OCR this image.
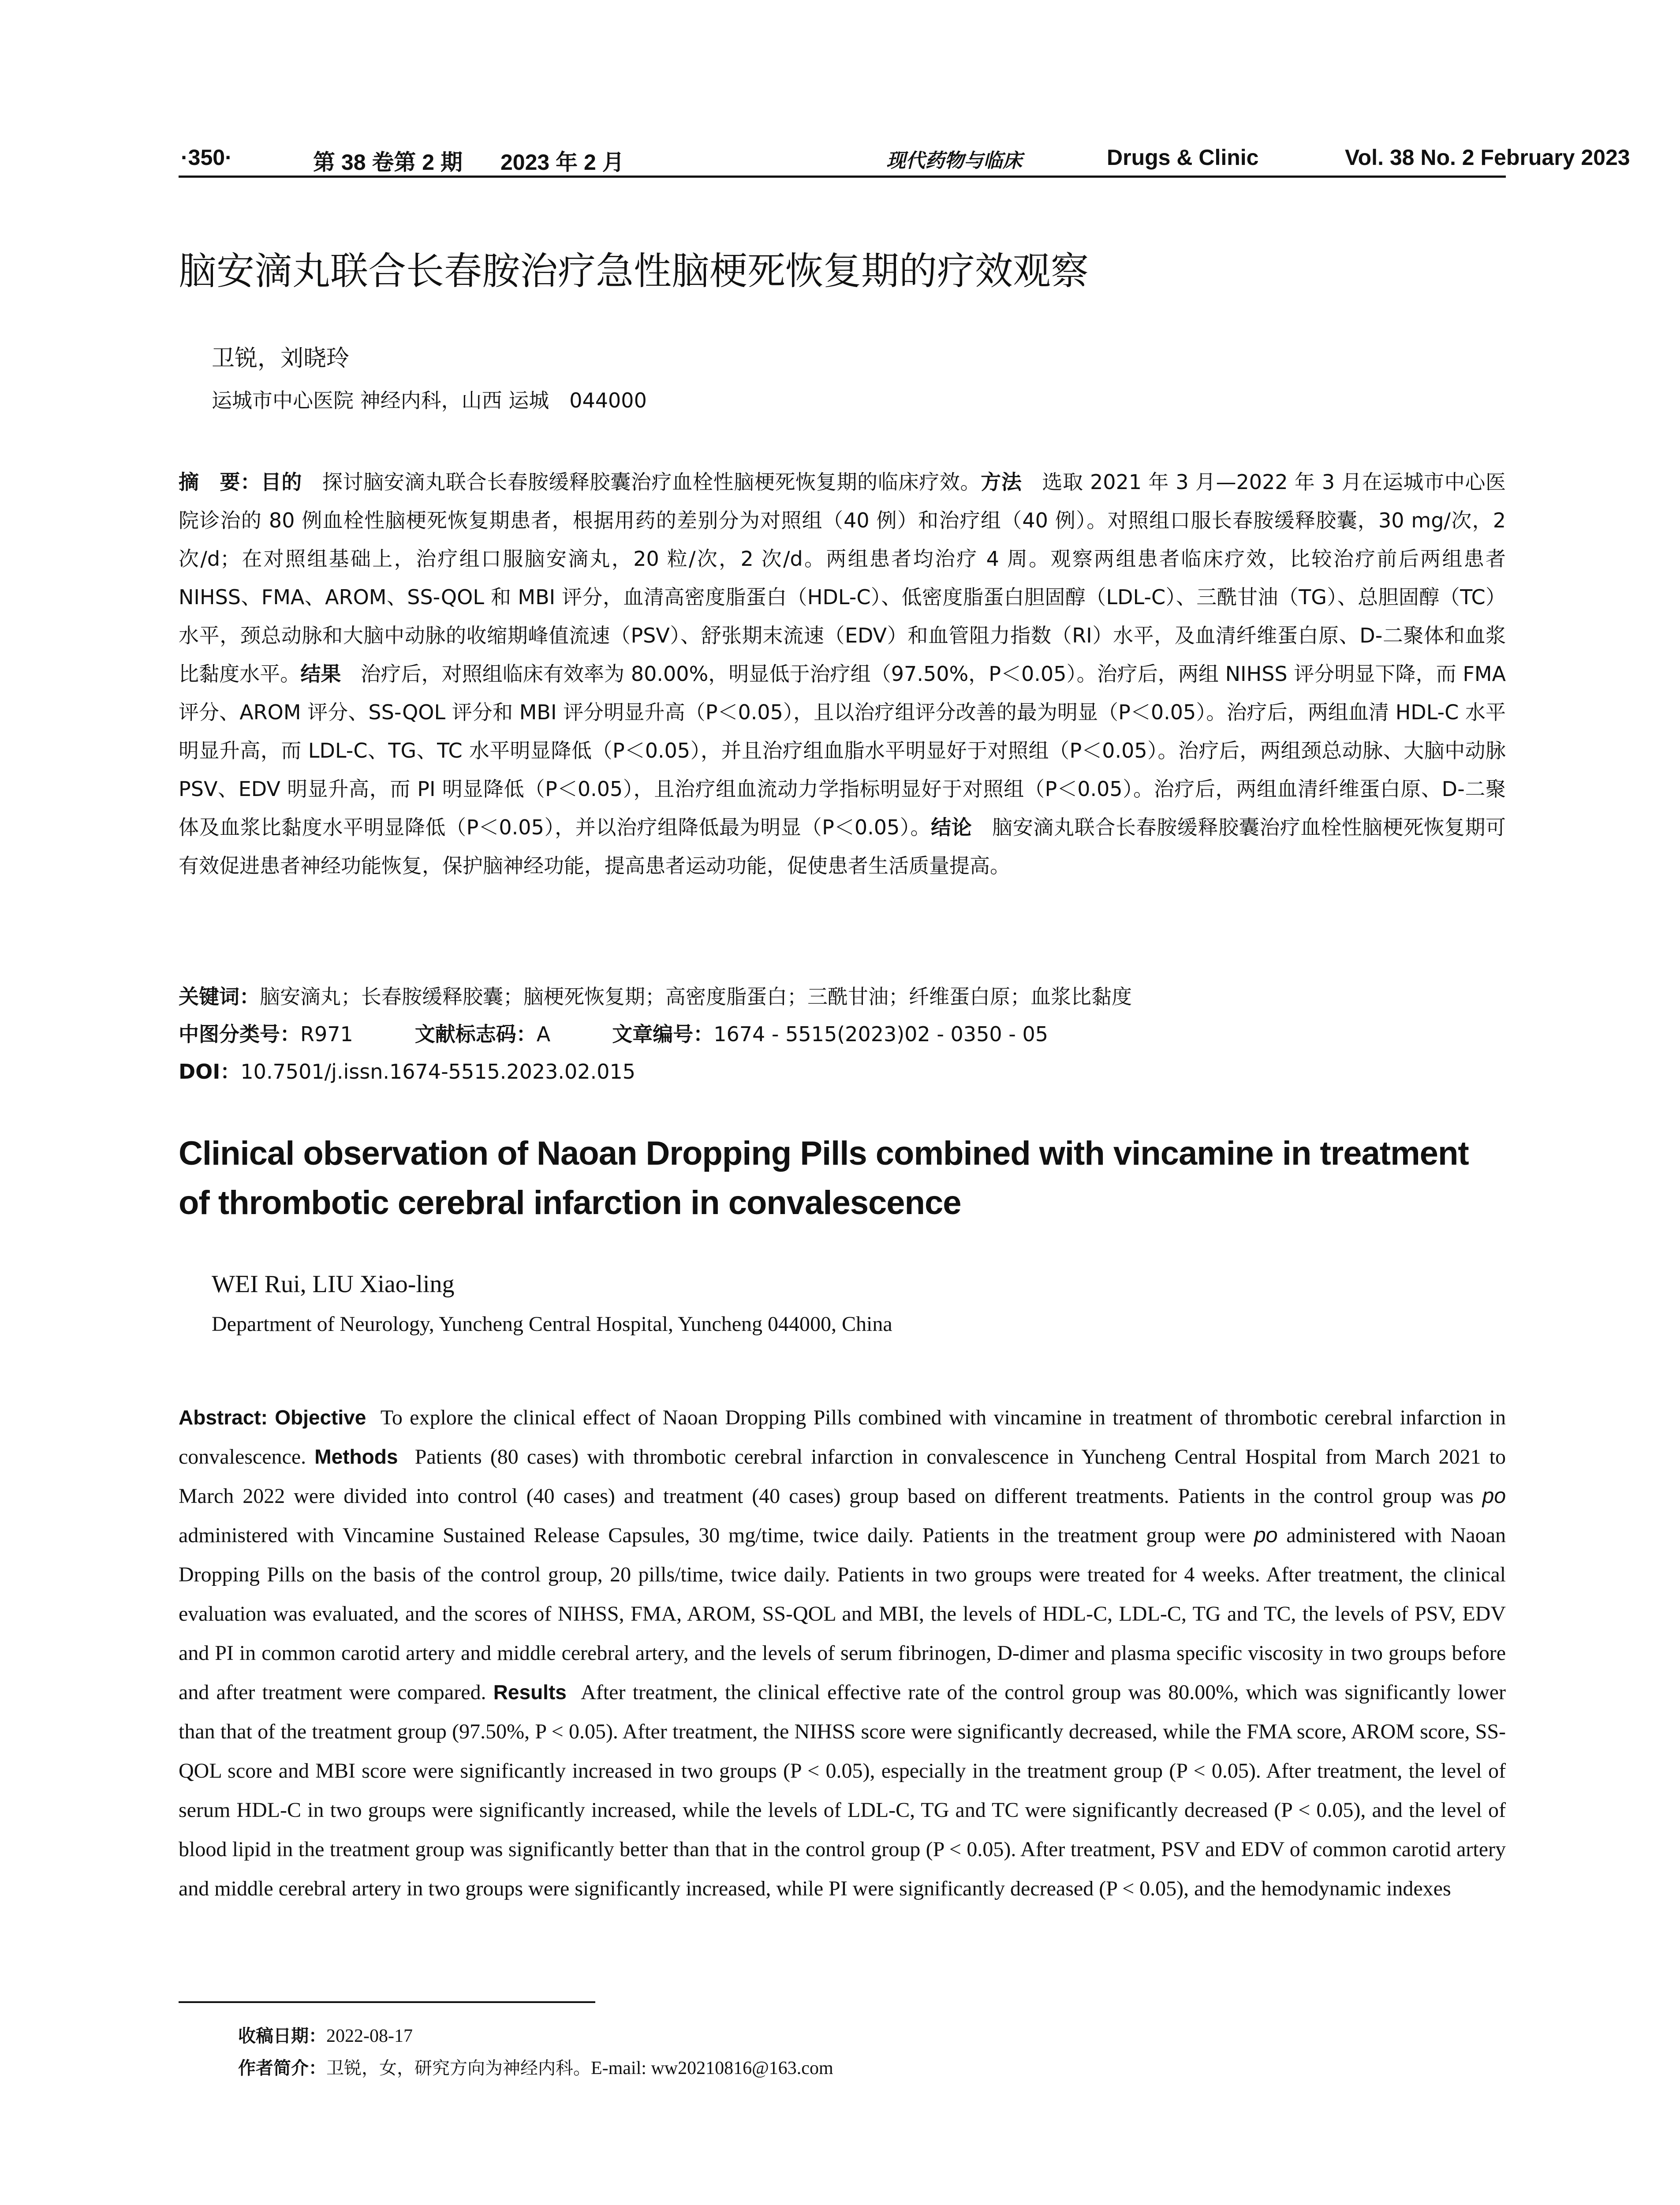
·350·	第 38 卷第 2 期 2023 年 2 月	现代药物与临床	Drugs & Clinic	Vol. 38 No. 2 February 2023
脑安滴丸联合长春胺治疗急性脑梗死恢复期的疗效观察
卫锐，刘晓玲
运城市中心医院 神经内科，山西 运城　044000
摘　要：目的 探讨脑安滴丸联合长春胺缓释胶囊治疗血栓性脑梗死恢复期的临床疗效。方法 选取 2021 年 3 月—2022 年 3 月在运城市中心医院诊治的 80 例血栓性脑梗死恢复期患者，根据用药的差别分为对照组（40 例）和治疗组（40 例）。对照组口服长春胺缓释胶囊，30 mg/次，2 次/d；在对照组基础上，治疗组口服脑安滴丸，20 粒/次，2 次/d。两组患者均治疗 4 周。观察两组患者临床疗效，比较治疗前后两组患者 NIHSS、FMA、AROM、SS-QOL 和 MBI 评分，血清高密度脂蛋白（HDL-C）、低密度脂蛋白胆固醇（LDL-C）、三酰甘油（TG）、总胆固醇（TC）水平，颈总动脉和大脑中动脉的收缩期峰值流速（PSV）、舒张期末流速（EDV）和血管阻力指数（RI）水平，及血清纤维蛋白原、D-二聚体和血浆比黏度水平。结果 治疗后，对照组临床有效率为 80.00%，明显低于治疗组（97.50%，P＜0.05）。治疗后，两组 NIHSS 评分明显下降，而 FMA 评分、AROM 评分、SS-QOL 评分和 MBI 评分明显升高（P＜0.05），且以治疗组评分改善的最为明显（P＜0.05）。治疗后，两组血清 HDL-C 水平明显升高，而 LDL-C、TG、TC 水平明显降低（P＜0.05），并且治疗组血脂水平明显好于对照组（P＜0.05）。治疗后，两组颈总动脉、大脑中动脉 PSV、EDV 明显升高，而 PI 明显降低（P＜0.05），且治疗组血流动力学指标明显好于对照组（P＜0.05）。治疗后，两组血清纤维蛋白原、D-二聚体及血浆比黏度水平明显降低（P＜0.05），并以治疗组降低最为明显（P＜0.05）。结论 脑安滴丸联合长春胺缓释胶囊治疗血栓性脑梗死恢复期可有效促进患者神经功能恢复，保护脑神经功能，提高患者运动功能，促使患者生活质量提高。
关键词：脑安滴丸；长春胺缓释胶囊；脑梗死恢复期；高密度脂蛋白；三酰甘油；纤维蛋白原；血浆比黏度
中图分类号：R971	文献标志码：A	文章编号：1674 - 5515(2023)02 - 0350 - 05
DOI：10.7501/j.issn.1674-5515.2023.02.015
Clinical observation of Naoan Dropping Pills combined with vincamine in treatment of thrombotic cerebral infarction in convalescence
WEI Rui, LIU Xiao-ling
Department of Neurology, Yuncheng Central Hospital, Yuncheng 044000, China
Abstract: Objective To explore the clinical effect of Naoan Dropping Pills combined with vincamine in treatment of thrombotic cerebral infarction in convalescence. Methods Patients (80 cases) with thrombotic cerebral infarction in convalescence in Yuncheng Central Hospital from March 2021 to March 2022 were divided into control (40 cases) and treatment (40 cases) group based on different treatments. Patients in the control group was po administered with Vincamine Sustained Release Capsules, 30 mg/time, twice daily. Patients in the treatment group were po administered with Naoan Dropping Pills on the basis of the control group, 20 pills/time, twice daily. Patients in two groups were treated for 4 weeks. After treatment, the clinical evaluation was evaluated, and the scores of NIHSS, FMA, AROM, SS-QOL and MBI, the levels of HDL-C, LDL-C, TG and TC, the levels of PSV, EDV and PI in common carotid artery and middle cerebral artery, and the levels of serum fibrinogen, D-dimer and plasma specific viscosity in two groups before and after treatment were compared. Results After treatment, the clinical effective rate of the control group was 80.00%, which was significantly lower than that of the treatment group (97.50%, P < 0.05). After treatment, the NIHSS score were significantly decreased, while the FMA score, AROM score, SS-QOL score and MBI score were significantly increased in two groups (P < 0.05), especially in the treatment group (P < 0.05). After treatment, the level of serum HDL-C in two groups were significantly increased, while the levels of LDL-C, TG and TC were significantly decreased (P < 0.05), and the level of blood lipid in the treatment group was significantly better than that in the control group (P < 0.05). After treatment, PSV and EDV of common carotid artery and middle cerebral artery in two groups were significantly increased, while PI were significantly decreased (P < 0.05), and the hemodynamic indexes
收稿日期：2022-08-17
作者简介：卫锐，女，研究方向为神经内科。E-mail: ww20210816@163.com
